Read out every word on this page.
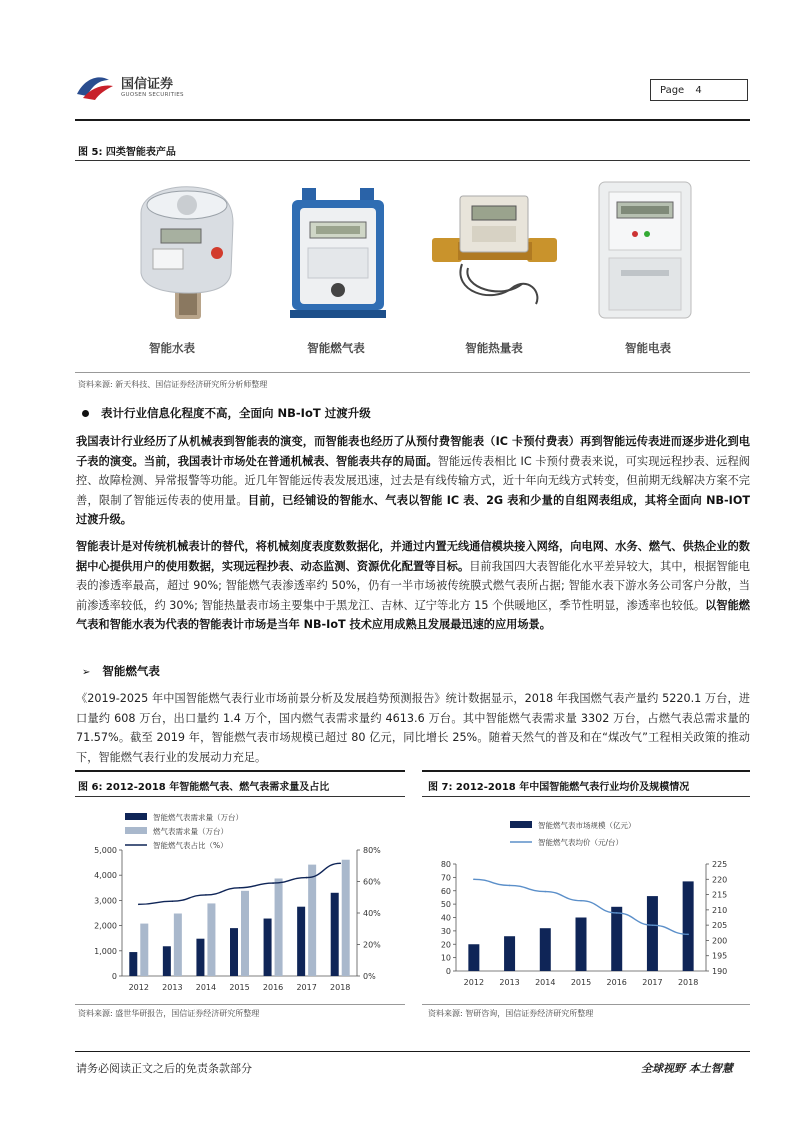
国信证券
GUOSEN SECURITIES	Page 4
图 5: 四类智能表产品
智能水表	智能燃气表	智能热量表	智能电表
资料来源: 新天科技、国信证券经济研究所分析师整理
表计行业信息化程度不高，全面向 NB-IoT 过渡升级

我国表计行业经历了从机械表到智能表的演变，而智能表也经历了从预付费智能表（IC 卡预付费表）再到智能远传表进而逐步进化到电子表的演变。当前，我国表计市场处在普通机械表、智能表共存的局面。智能远传表相比 IC 卡预付费表来说，可实现远程抄表、远程阀控、故障检测、异常报警等功能。近几年智能远传表发展迅速，过去是有线传输方式，近十年向无线方式转变，但前期无线解决方案不完善，限制了智能远传表的使用量。目前，已经铺设的智能水、气表以智能 IC 表、2G 表和少量的自组网表组成，其将全面向 NB-IOT 过渡升级。

智能表计是对传统机械表计的替代，将机械刻度表度数数据化，并通过内置无线通信模块接入网络，向电网、水务、燃气、供热企业的数据中心提供用户的使用数据，实现远程抄表、动态监测、资源优化配置等目标。目前我国四大表智能化水平差异较大，其中，根据智能电表的渗透率最高，超过 90%; 智能燃气表渗透率约 50%，仍有一半市场被传统膜式燃气表所占据; 智能水表下游水务公司客户分散，当前渗透率较低，约 30%; 智能热量表市场主要集中于黑龙江、吉林、辽宁等北方 15 个供暖地区，季节性明显，渗透率也较低。以智能燃气表和智能水表为代表的智能表计市场是当年 NB-IoT 技术应用成熟且发展最迅速的应用场景。

➢ 智能燃气表

《2019-2025 年中国智能燃气表行业市场前景分析及发展趋势预测报告》统计数据显示，2018 年我国燃气表产量约 5220.1 万台，进口量约 608 万台，出口量约 1.4 万个，国内燃气表需求量约 4613.6 万台。其中智能燃气表需求量 3302 万台，占燃气表总需求量的 71.57%。截至 2019 年，智能燃气表市场规模已超过 80 亿元，同比增长 25%。随着天然气的普及和在“煤改气”工程相关政策的推动下，智能燃气表行业的发展动力充足。

图 6: 2012-2018 年智能燃气表、燃气表需求量及占比	图 7: 2012-2018 年中国智能燃气表行业均价及规模情况
智能燃气表需求量（万台）
燃气表需求量（万台）
智能燃气表占比（%）
0
1,000
2,000
3,000
4,000
5,000
0%
20%
40%
60%
80%
2012 2013 2014 2015 2016 2017 2018
智能燃气表市场规模（亿元）
智能燃气表均价（元/台）
0
10
20
30
40
50
60
70
80
190
195
200
205
210
215
220
225
2012 2013 2014 2015 2016 2017 2018
资料来源: 盛世华研报告，国信证券经济研究所整理	资料来源: 智研咨询，国信证券经济研究所整理
请务必阅读正文之后的免责条款部分	全球视野 本土智慧
